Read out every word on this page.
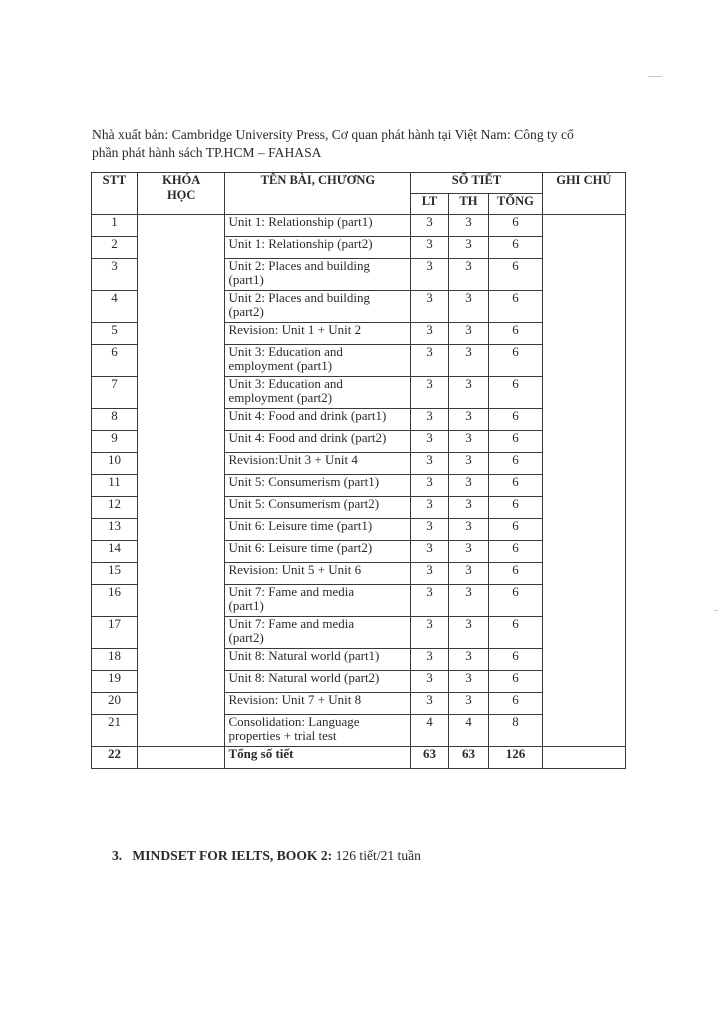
Nhà xuất bản: Cambridge University Press, Cơ quan phát hành tại Việt Nam: Công ty cổ
phần phát hành sách TP.HCM – FAHASA
STT	KHÓA
HỌC	TÊN BÀI, CHƯƠNG	SỐ TIẾT			GHI CHÚ
			LT	TH	TỔNG	
1		Unit 1: Relationship (part1)	3	3	6	
2		Unit 1: Relationship (part2)	3	3	6	
3		Unit 2: Places and building
(part1)	3	3	6	
4		Unit 2: Places and building
(part2)	3	3	6	
5		Revision: Unit 1 + Unit 2	3	3	6	
6		Unit 3: Education and
employment (part1)	3	3	6	
7		Unit 3: Education and
employment (part2)	3	3	6	
8		Unit 4: Food and drink (part1)	3	3	6	
9		Unit 4: Food and drink (part2)	3	3	6	
10		Revision:Unit 3 + Unit 4	3	3	6	
11		Unit 5: Consumerism (part1)	3	3	6	
12		Unit 5: Consumerism (part2)	3	3	6	
13		Unit 6: Leisure time (part1)	3	3	6	
14		Unit 6: Leisure time (part2)	3	3	6	
15		Revision: Unit 5 + Unit 6	3	3	6	
16		Unit 7: Fame and media
(part1)	3	3	6	
17		Unit 7: Fame and media
(part2)	3	3	6	
18		Unit 8: Natural world (part1)	3	3	6	
19		Unit 8: Natural world (part2)	3	3	6	
20		Revision: Unit 7 + Unit 8	3	3	6	
21		Consolidation: Language
properties + trial test	4	4	8	
22		Tổng số tiết	63	63	126	
3. MINDSET FOR IELTS, BOOK 2: 126 tiết/21 tuần
